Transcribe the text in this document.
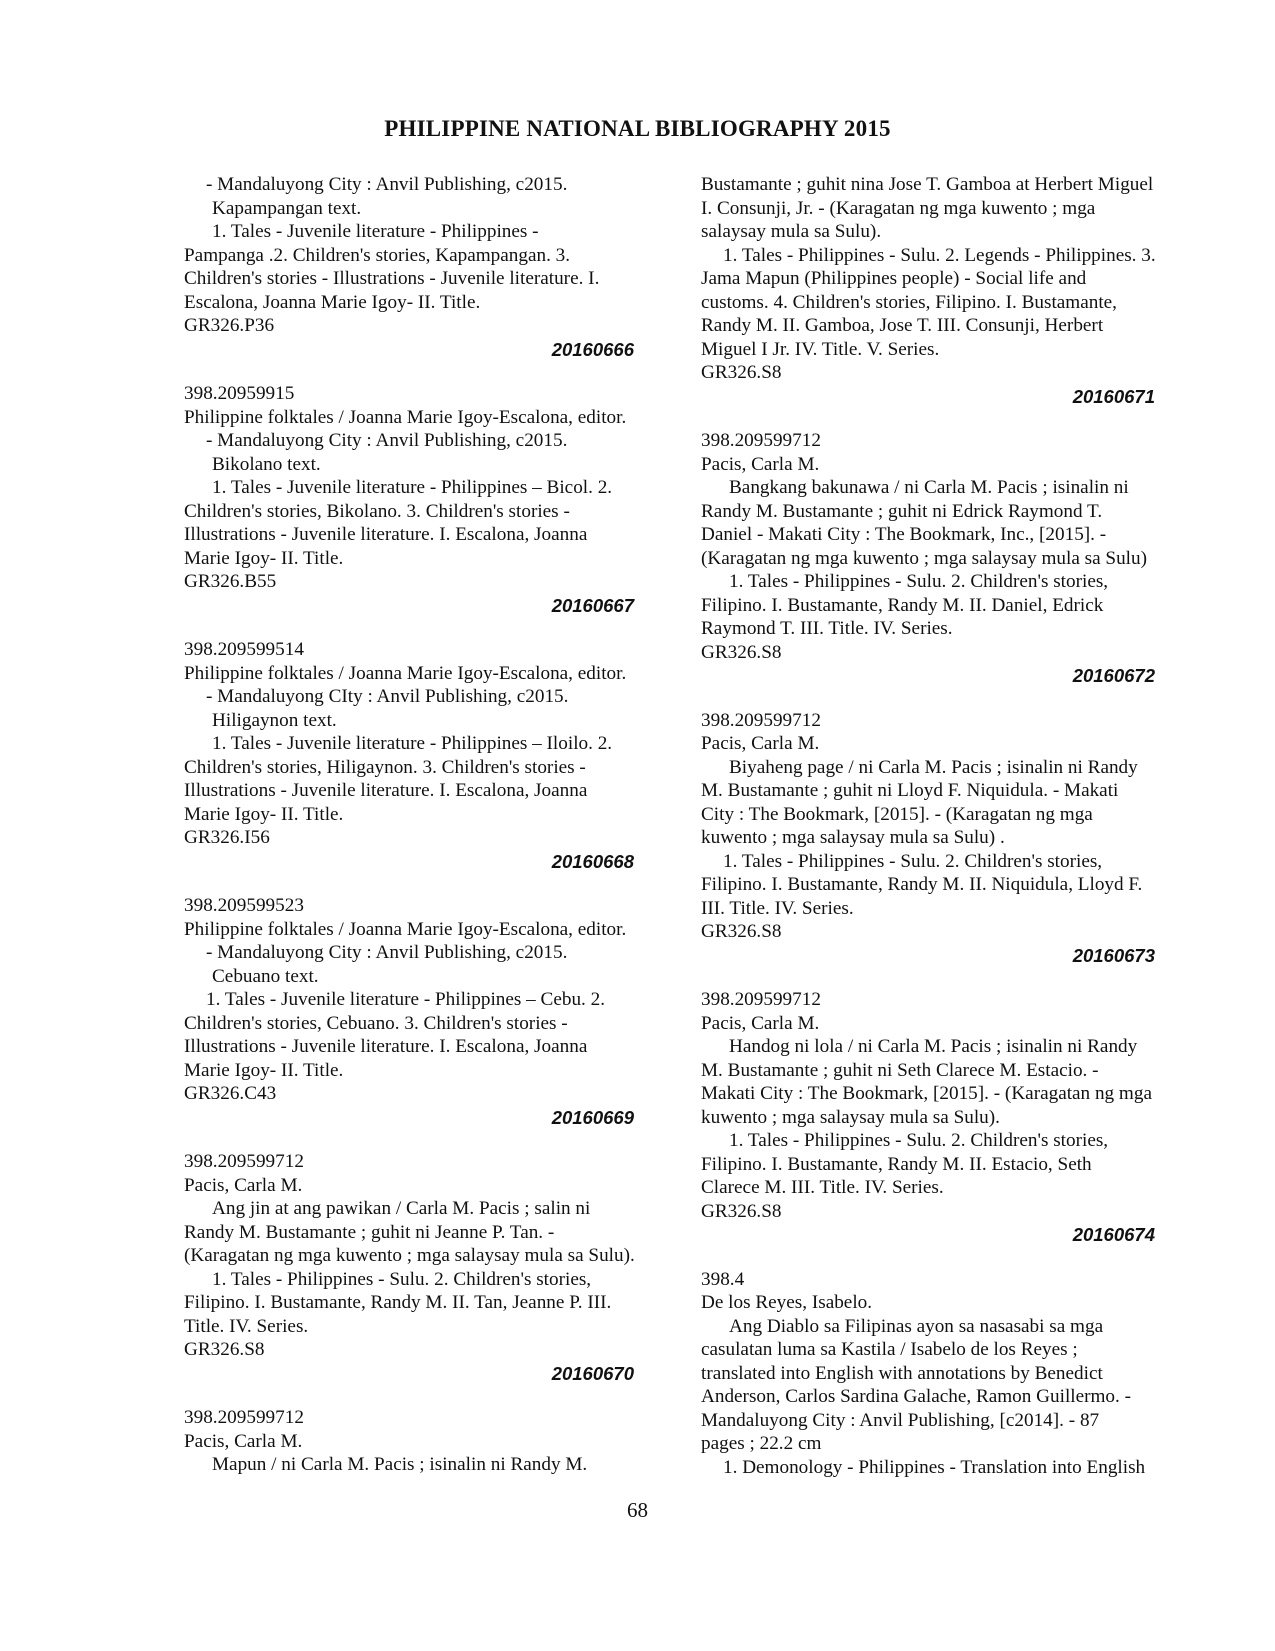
PHILIPPINE NATIONAL BIBLIOGRAPHY 2015
- Mandaluyong City : Anvil Publishing, c2015.
Kapampangan text.
1. Tales - Juvenile literature - Philippines -
Pampanga .2. Children's stories, Kapampangan. 3.
Children's stories - Illustrations - Juvenile literature. I.
Escalona, Joanna Marie Igoy- II. Title.
GR326.P36
20160666
398.20959915
Philippine folktales / Joanna Marie Igoy-Escalona, editor.
- Mandaluyong City : Anvil Publishing, c2015.
Bikolano text.
1. Tales - Juvenile literature - Philippines – Bicol. 2.
Children's stories, Bikolano. 3. Children's stories -
Illustrations - Juvenile literature. I. Escalona, Joanna
Marie Igoy- II. Title.
GR326.B55
20160667
398.209599514
Philippine folktales / Joanna Marie Igoy-Escalona, editor.
- Mandaluyong CIty : Anvil Publishing, c2015.
Hiligaynon text.
1. Tales - Juvenile literature - Philippines – Iloilo. 2.
Children's stories, Hiligaynon. 3. Children's stories -
Illustrations - Juvenile literature. I. Escalona, Joanna
Marie Igoy- II. Title.
GR326.I56
20160668
398.209599523
Philippine folktales / Joanna Marie Igoy-Escalona, editor.
- Mandaluyong City : Anvil Publishing, c2015.
Cebuano text.
1. Tales - Juvenile literature - Philippines – Cebu. 2.
Children's stories, Cebuano. 3. Children's stories -
Illustrations - Juvenile literature. I. Escalona, Joanna
Marie Igoy- II. Title.
GR326.C43
20160669
398.209599712
Pacis, Carla M.
Ang jin at ang pawikan / Carla M. Pacis ; salin ni
Randy M. Bustamante ; guhit ni Jeanne P. Tan. -
(Karagatan ng mga kuwento ; mga salaysay mula sa Sulu).
1. Tales - Philippines - Sulu. 2. Children's stories,
Filipino. I. Bustamante, Randy M. II. Tan, Jeanne P. III.
Title. IV. Series.
GR326.S8
20160670
398.209599712
Pacis, Carla M.
Mapun / ni Carla M. Pacis ; isinalin ni Randy M.
Bustamante ; guhit nina Jose T. Gamboa at Herbert Miguel
I. Consunji, Jr. - (Karagatan ng mga kuwento ; mga
salaysay mula sa Sulu).
1. Tales - Philippines - Sulu. 2. Legends - Philippines. 3.
Jama Mapun (Philippines people) - Social life and
customs. 4. Children's stories, Filipino. I. Bustamante,
Randy M. II. Gamboa, Jose T. III. Consunji, Herbert
Miguel I Jr. IV. Title. V. Series.
GR326.S8
20160671
398.209599712
Pacis, Carla M.
Bangkang bakunawa / ni Carla M. Pacis ; isinalin ni
Randy M. Bustamante ; guhit ni Edrick Raymond T.
Daniel - Makati City : The Bookmark, Inc., [2015]. -
(Karagatan ng mga kuwento ; mga salaysay mula sa Sulu)
1. Tales - Philippines - Sulu. 2. Children's stories,
Filipino. I. Bustamante, Randy M. II. Daniel, Edrick
Raymond T. III. Title. IV. Series.
GR326.S8
20160672
398.209599712
Pacis, Carla M.
Biyaheng page / ni Carla M. Pacis ; isinalin ni Randy
M. Bustamante ; guhit ni Lloyd F. Niquidula. - Makati
City : The Bookmark, [2015]. - (Karagatan ng mga
kuwento ; mga salaysay mula sa Sulu) .
1. Tales - Philippines - Sulu. 2. Children's stories,
Filipino. I. Bustamante, Randy M. II. Niquidula, Lloyd F.
III. Title. IV. Series.
GR326.S8
20160673
398.209599712
Pacis, Carla M.
Handog ni lola / ni Carla M. Pacis ; isinalin ni Randy
M. Bustamante ; guhit ni Seth Clarece M. Estacio. -
Makati City : The Bookmark, [2015]. - (Karagatan ng mga
kuwento ; mga salaysay mula sa Sulu).
1. Tales - Philippines - Sulu. 2. Children's stories,
Filipino. I. Bustamante, Randy M. II. Estacio, Seth
Clarece M. III. Title. IV. Series.
GR326.S8
20160674
398.4
De los Reyes, Isabelo.
Ang Diablo sa Filipinas ayon sa nasasabi sa mga
casulatan luma sa Kastila / Isabelo de los Reyes ;
translated into English with annotations by Benedict
Anderson, Carlos Sardina Galache, Ramon Guillermo. -
Mandaluyong City : Anvil Publishing, [c2014]. - 87
pages ; 22.2 cm
1. Demonology - Philippines - Translation into English
68
